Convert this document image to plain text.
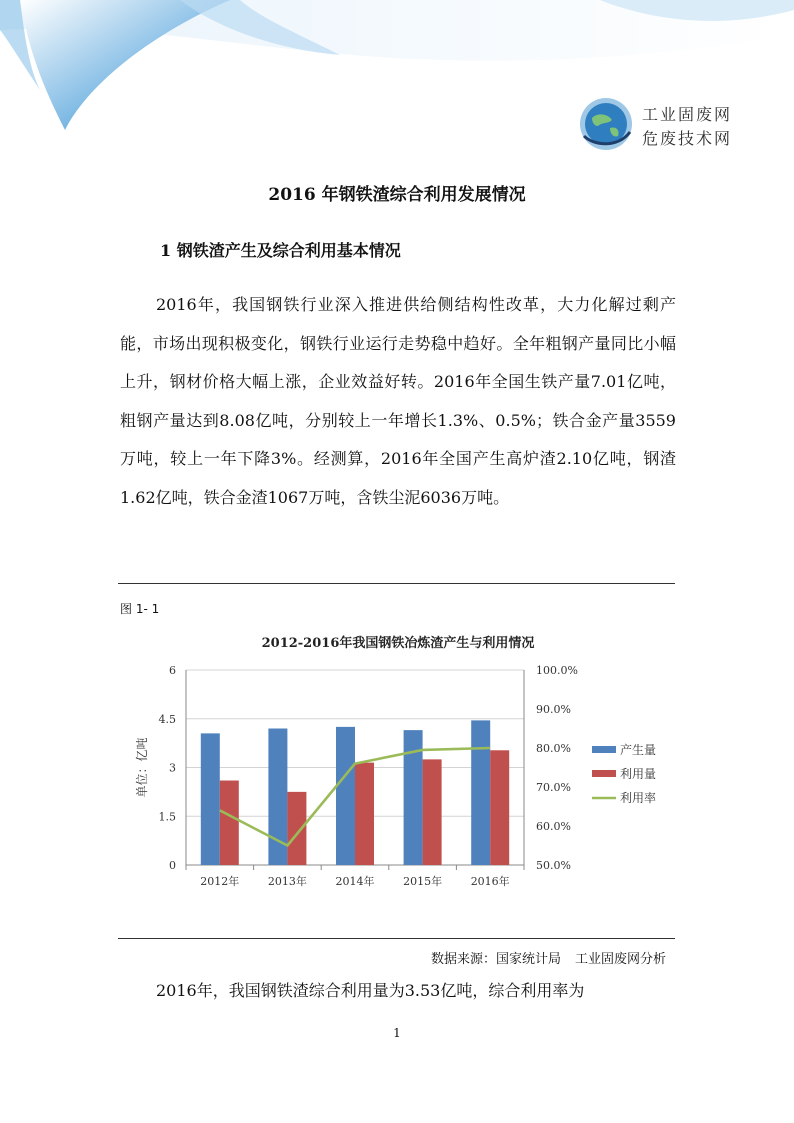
工业固废网
危废技术网
2016 年钢铁渣综合利用发展情况
1 钢铁渣产生及综合利用基本情况

2016年，我国钢铁行业深入推进供给侧结构性改革，大力化解过剩产能，市场出现积极变化，钢铁行业运行走势稳中趋好。全年粗钢产量同比小幅上升，钢材价格大幅上涨，企业效益好转。2016年全国生铁产量7.01亿吨，粗钢产量达到8.08亿吨，分别较上一年增长1.3%、0.5%；铁合金产量3559万吨，较上一年下降3%。经测算，2016年全国产生高炉渣2.10亿吨，钢渣1.62亿吨，铁合金渣1067万吨，含铁尘泥6036万吨。

图 1- 1
2012-2016年我国钢铁冶炼渣产生与利用情况
0
1.5
3
4.5
6
50.0%
60.0%
70.0%
80.0%
90.0%
100.0%
单位：亿吨
2012年	2013年	2014年	2015年	2016年
产生量
利用量
利用率
数据来源：国家统计局 工业固废网分析

2016年，我国钢铁渣综合利用量为3.53亿吨，综合利用率为

1
